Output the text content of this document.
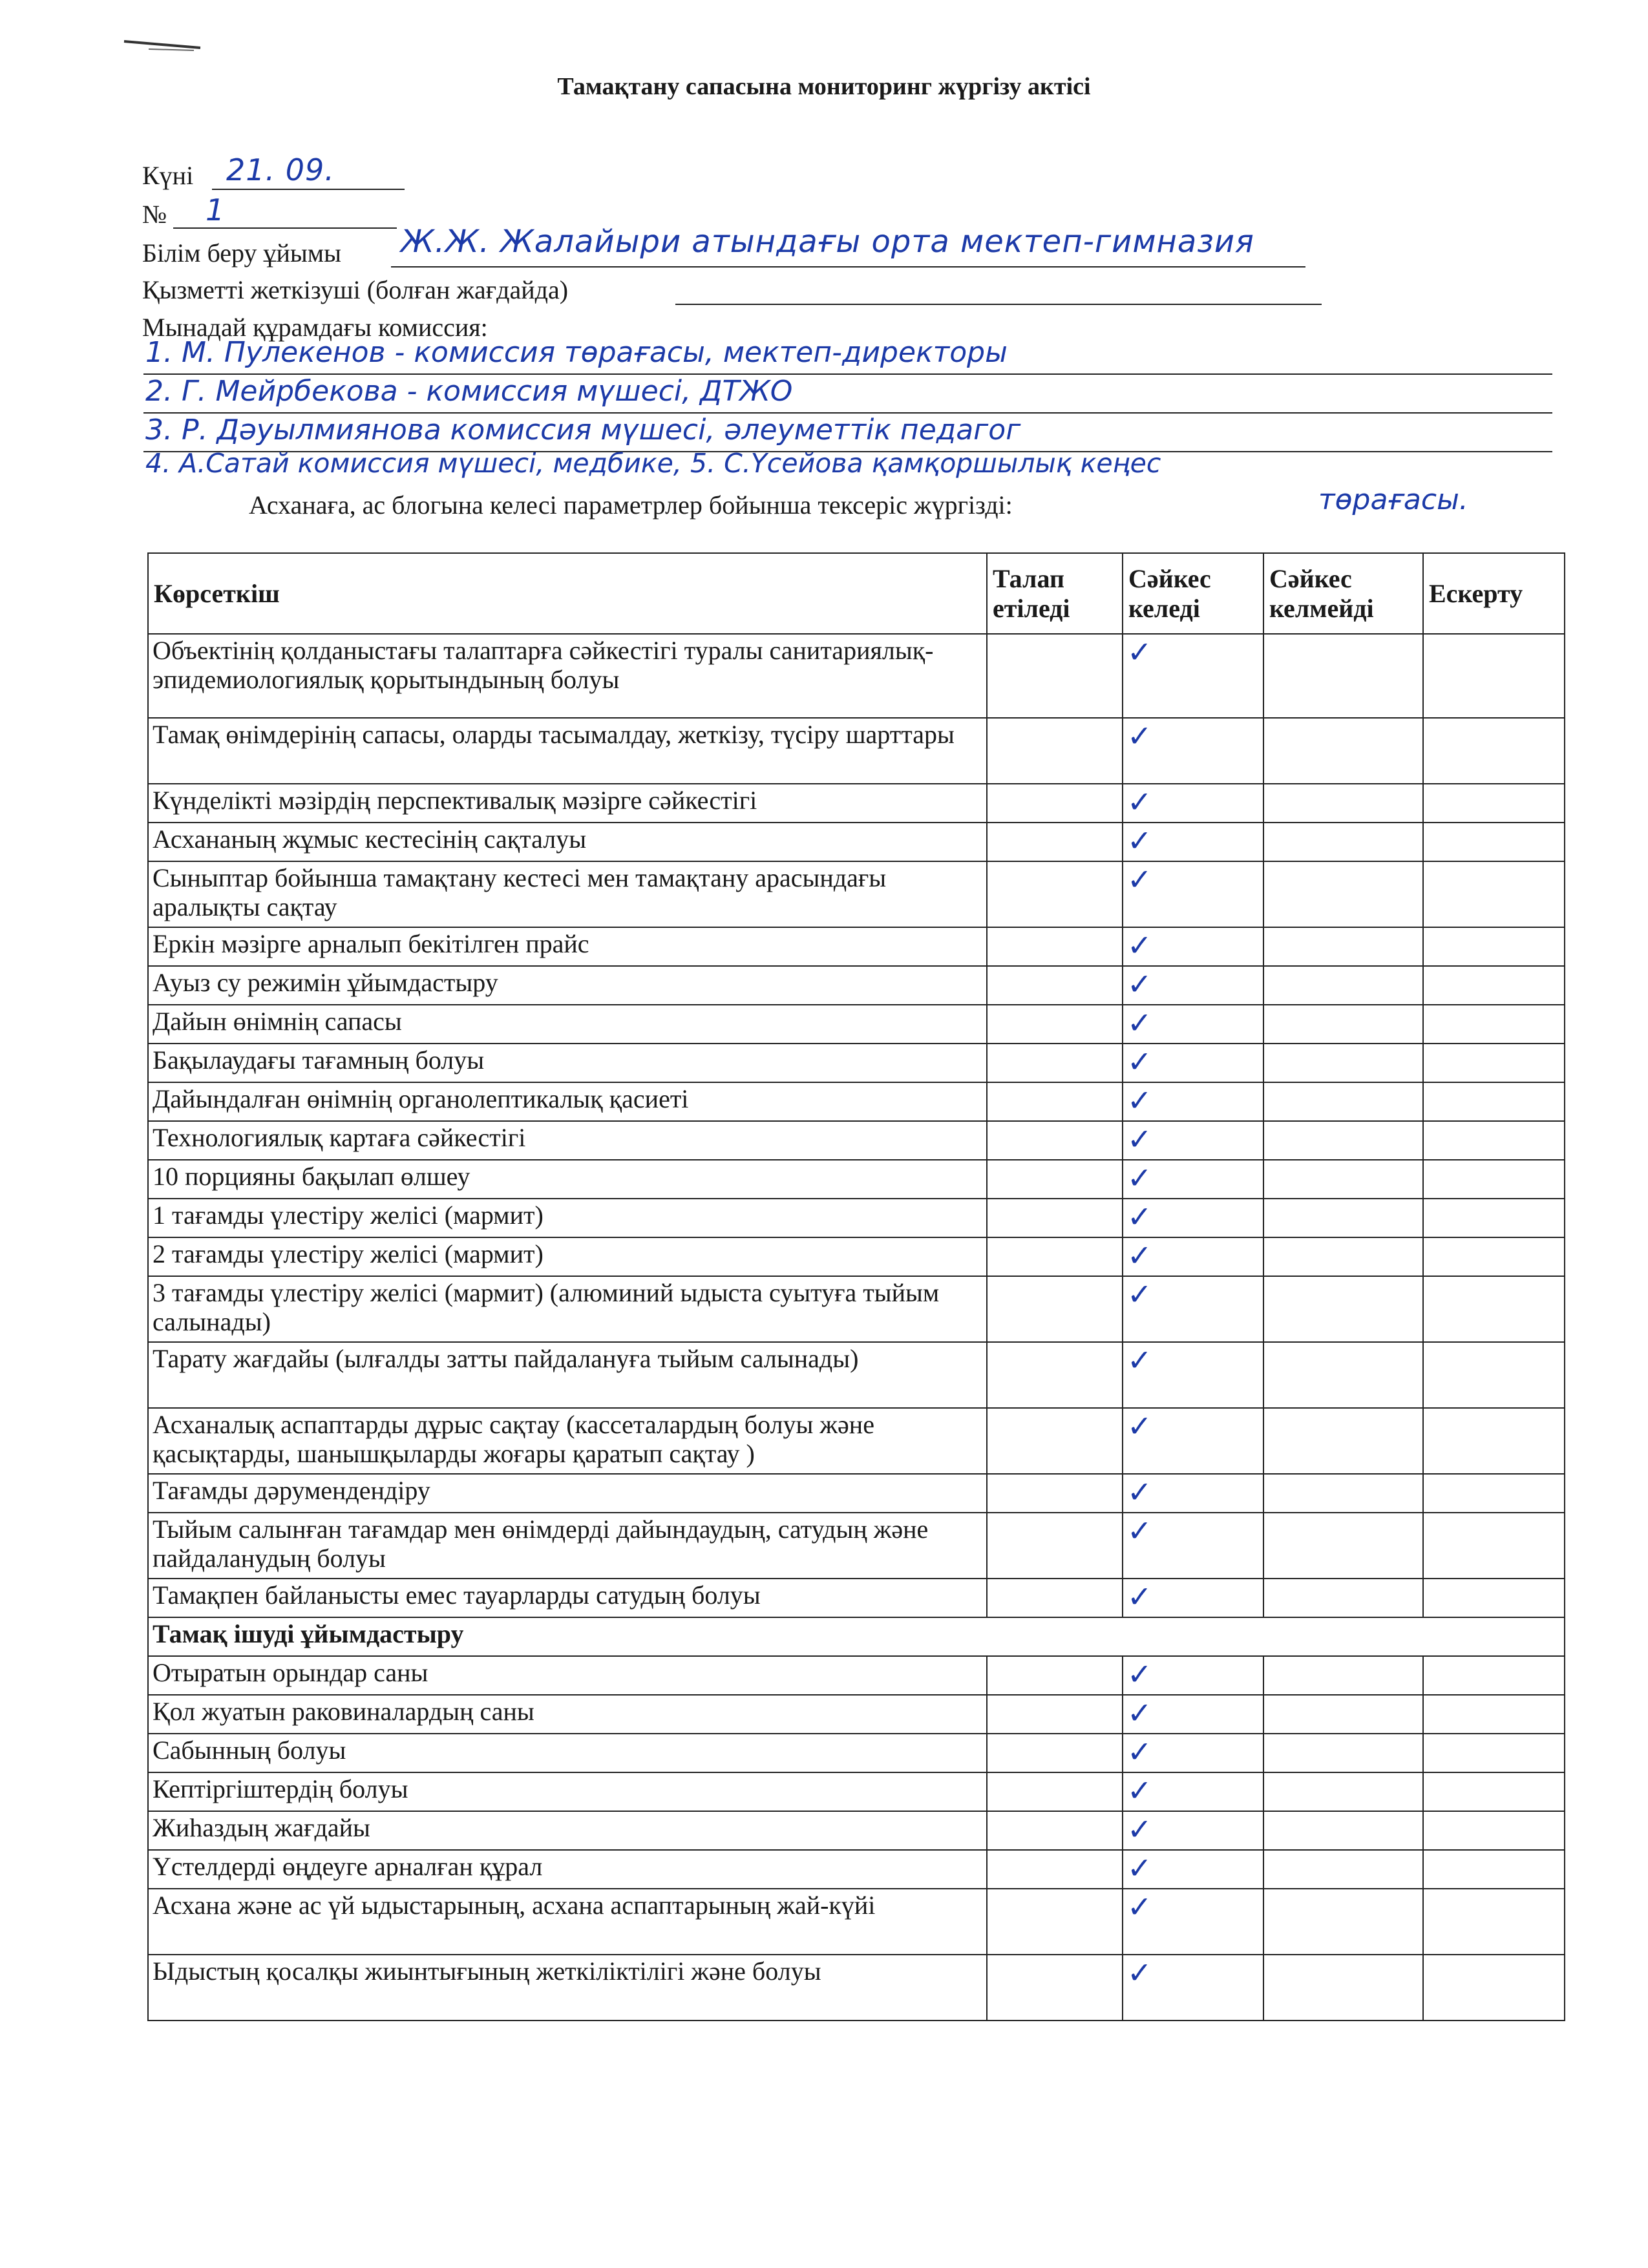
Тамақтану сапасына мониторинг жүргізу актісі
Күні 21. 09.
№ 1
Білім беру ұйымы Ж.Ж. Жалайыри атындағы орта мектеп-гимназия
Қызметті жеткізуші (болған жағдайда)
Мынадай құрамдағы комиссия:
1. М. Пулекенов - комиссия төрағасы, мектеп-директоры
2. Г. Мейрбекова - комиссия мүшесі, ДТЖО
3. Р. Дәуылмиянова комиссия мүшесі, әлеуметтік педагог
4. А.Сатай комиссия мүшесі, медбике, 5. С.Үсейова қамқоршылық кеңес
төрағасы.
Асханаға, ас блогына келесі параметрлер бойынша тексеріс жүргізді:
Көрсеткіш	Талап етіледі	Сәйкес келеді	Сәйкес келмейді	Ескерту
Объектінің қолданыстағы талаптарға сәйкестігі туралы санитариялық-эпидемиологиялық қорытындының болуы		✓		
Тамақ өнімдерінің сапасы, оларды тасымалдау, жеткізу, түсіру шарттары		✓		
Күнделікті мәзірдің перспективалық мәзірге сәйкестігі		✓		
Асхананың жұмыс кестесінің сақталуы		✓		
Сыныптар бойынша тамақтану кестесі мен тамақтану арасындағы аралықты сақтау		✓		
Еркін мәзірге арналып бекітілген прайс		✓		
Ауыз су режимін ұйымдастыру		✓		
Дайын өнімнің сапасы		✓		
Бақылаудағы тағамның болуы		✓		
Дайындалған өнімнің органолептикалық қасиеті		✓		
Технологиялық картаға сәйкестігі		✓		
10 порцияны бақылап өлшеу		✓		
1 тағамды үлестіру желісі (мармит)		✓		
2 тағамды үлестіру желісі (мармит)		✓		
3 тағамды үлестіру желісі (мармит) (алюминий ыдыста суытуға тыйым салынады)		✓		
Тарату жағдайы (ылғалды затты пайдалануға тыйым салынады)		✓		
Асханалық аспаптарды дұрыс сақтау (кассеталардың болуы және қасықтарды, шанышқыларды жоғары қаратып сақтау )		✓		
Тағамды дәрумендендіру		✓		
Тыйым салынған тағамдар мен өнімдерді дайындаудың, сатудың және пайдаланудың болуы		✓		
Тамақпен байланысты емес тауарларды сатудың болуы		✓		
Тамақ ішуді ұйымдастыру				
Отыратын орындар саны		✓		
Қол жуатын раковиналардың саны		✓		
Сабынның болуы		✓		
Кептіргіштердің болуы		✓		
Жиһаздың жағдайы		✓		
Үстелдерді өңдеуге арналған құрал		✓		
Асхана және ас үй ыдыстарының, асхана аспаптарының жай-күйі		✓		
Ыдыстың қосалқы жиынтығының жеткіліктілігі және болуы		✓		
